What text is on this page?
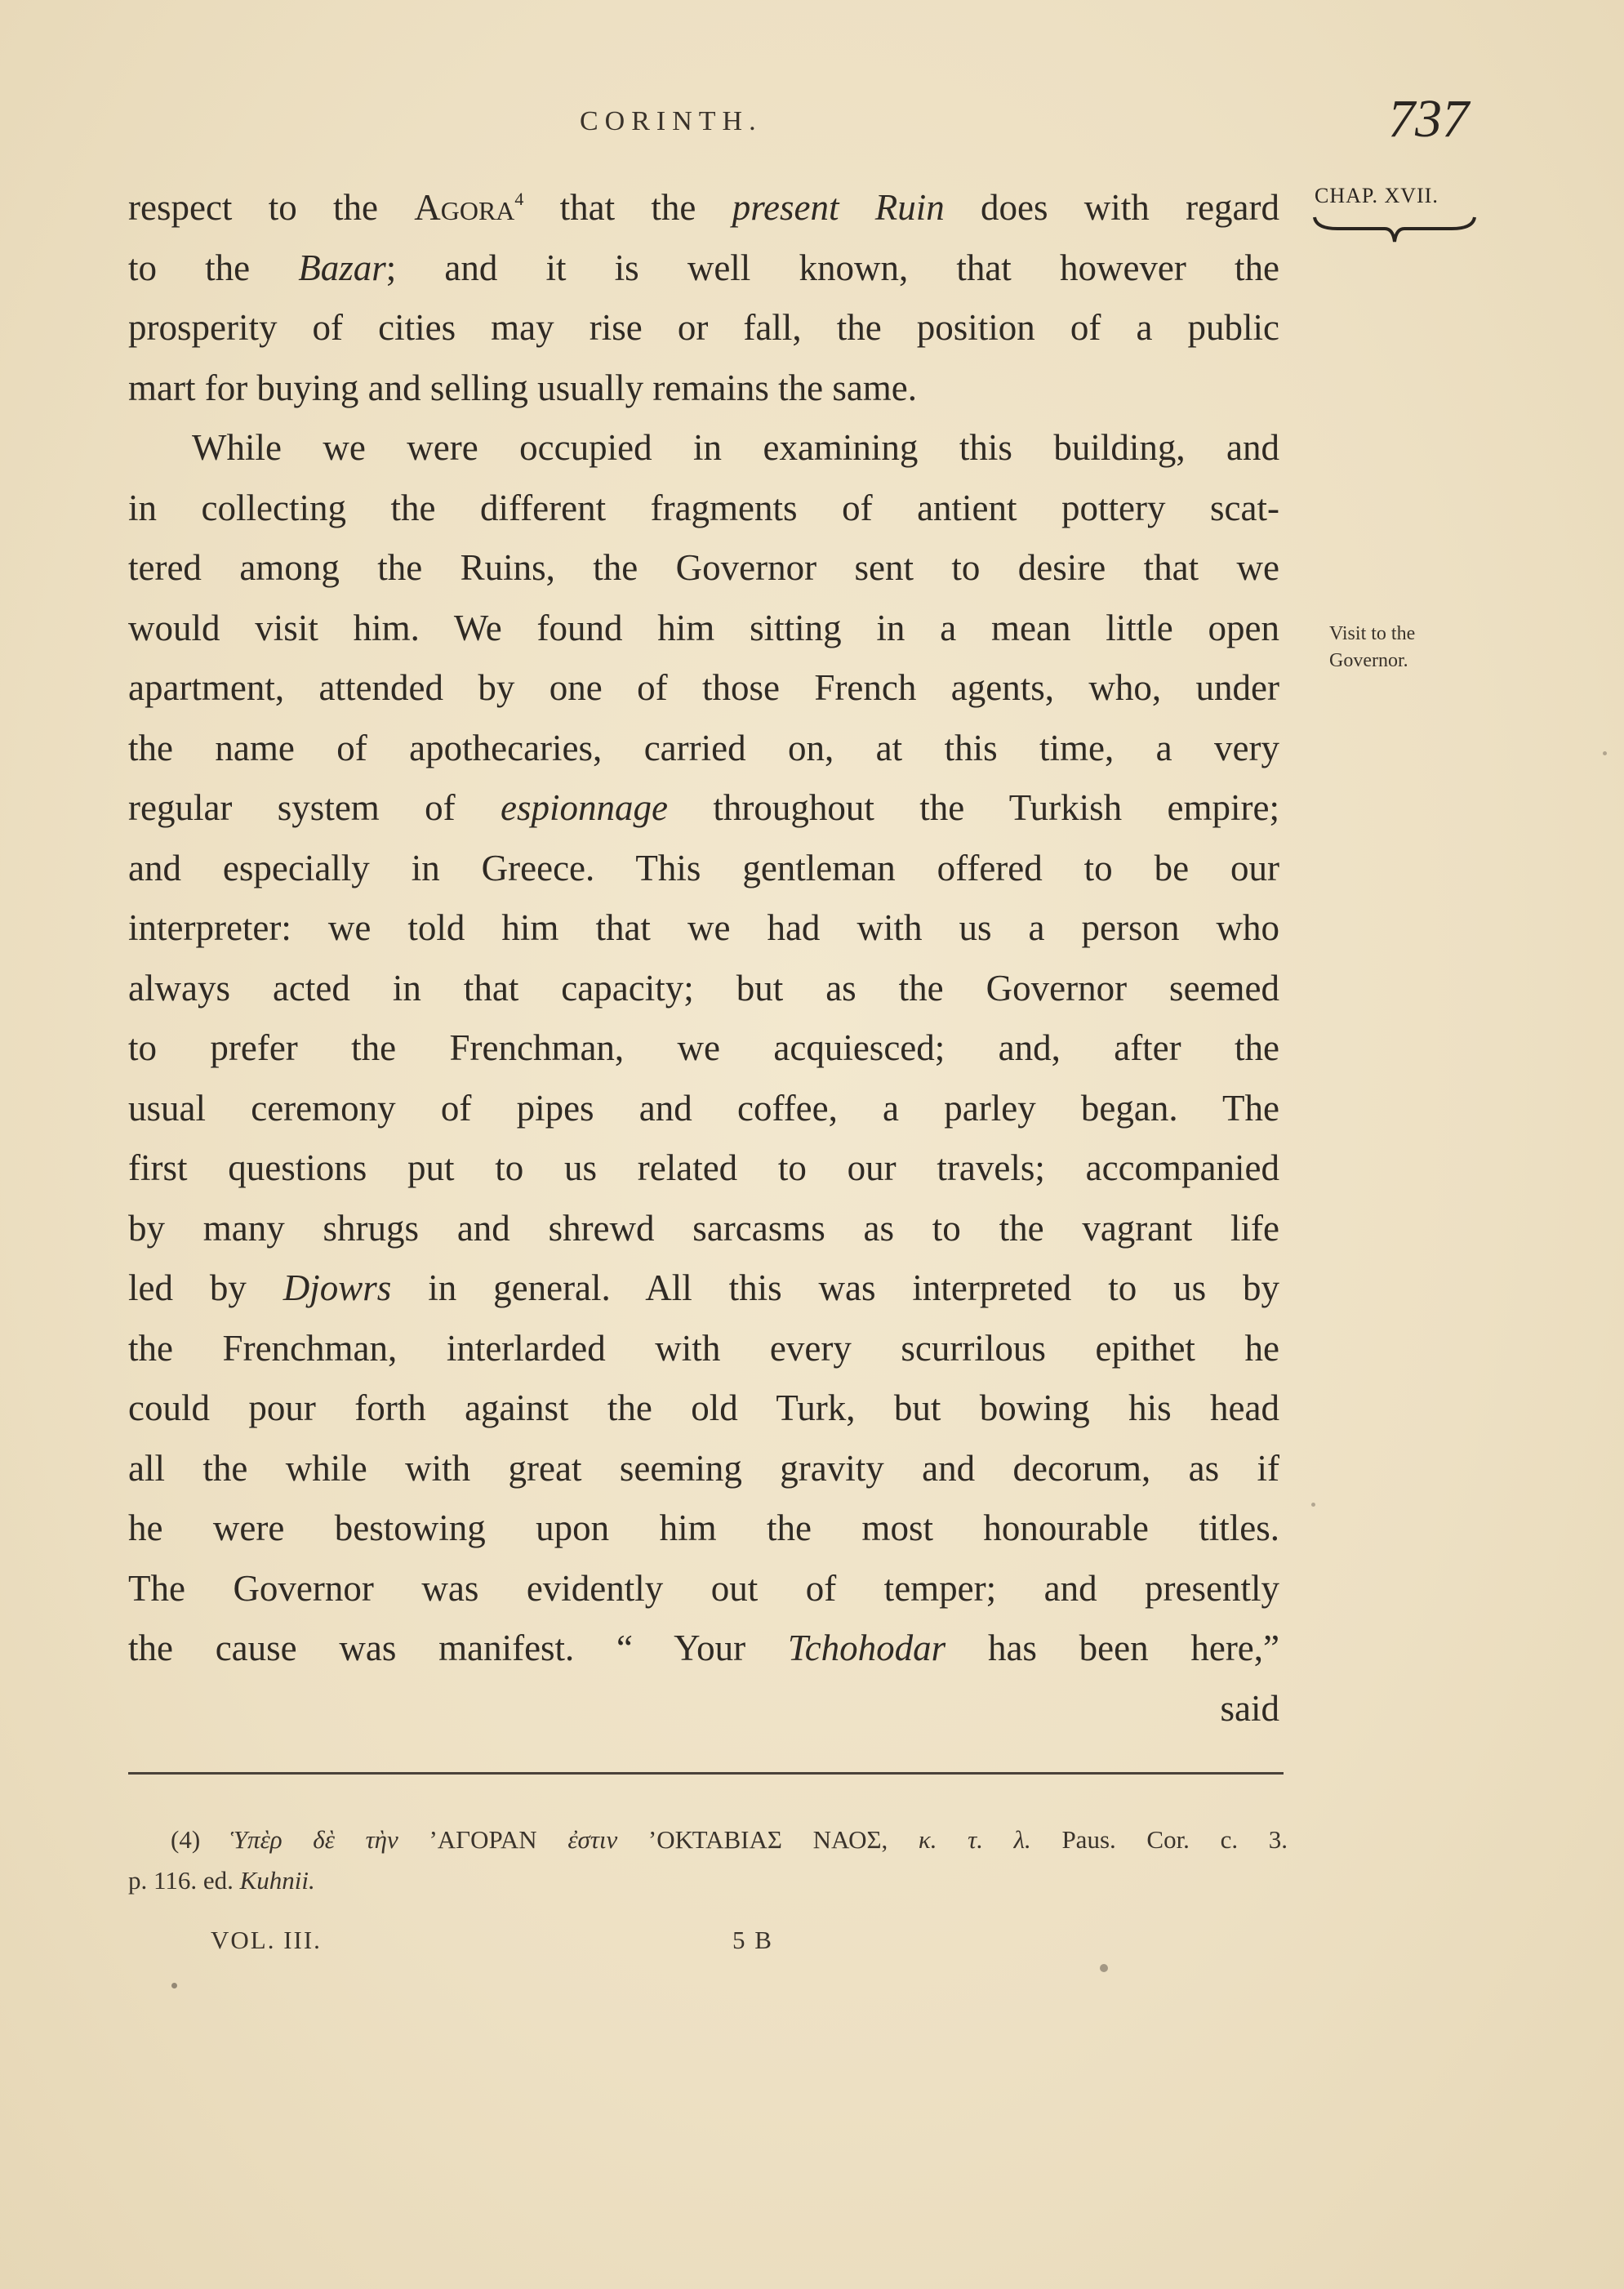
CORINTH.	737
CHAP. XVII.
Visit to the
Governor.
respect to the Agora$^4$ that the present Ruin does with regard
to the Bazar; and it is well known, that however the
prosperity of cities may rise or fall, the position of a public
mart for buying and selling usually remains the same.
While we were occupied in examining this building, and
in collecting the different fragments of antient pottery scat-
tered among the Ruins, the Governor sent to desire that we
would visit him. We found him sitting in a mean little open
apartment, attended by one of those French agents, who, under
the name of apothecaries, carried on, at this time, a very
regular system of espionnage throughout the Turkish empire;
and especially in Greece. This gentleman offered to be our
interpreter: we told him that we had with us a person who
always acted in that capacity; but as the Governor seemed
to prefer the Frenchman, we acquiesced; and, after the
usual ceremony of pipes and coffee, a parley began. The
first questions put to us related to our travels; accompanied
by many shrugs and shrewd sarcasms as to the vagrant life
led by Djowrs in general. All this was interpreted to us by
the Frenchman, interlarded with every scurrilous epithet he
could pour forth against the old Turk, but bowing his head
all the while with great seeming gravity and decorum, as if
he were bestowing upon him the most honourable titles.
The Governor was evidently out of temper; and presently
the cause was manifest. “ Your Tchohodar has been here,”
said
(4) Ὑπὲρ δὲ τὴν ’ΑΓΟΡΑΝ ἐστιν ’ΟΚΤΑΒΙΑΣ ΝΑΟΣ, κ. τ. λ. Paus. Cor. c. 3.
p. 116. ed. Kuhnii.
VOL. III.	5 B
